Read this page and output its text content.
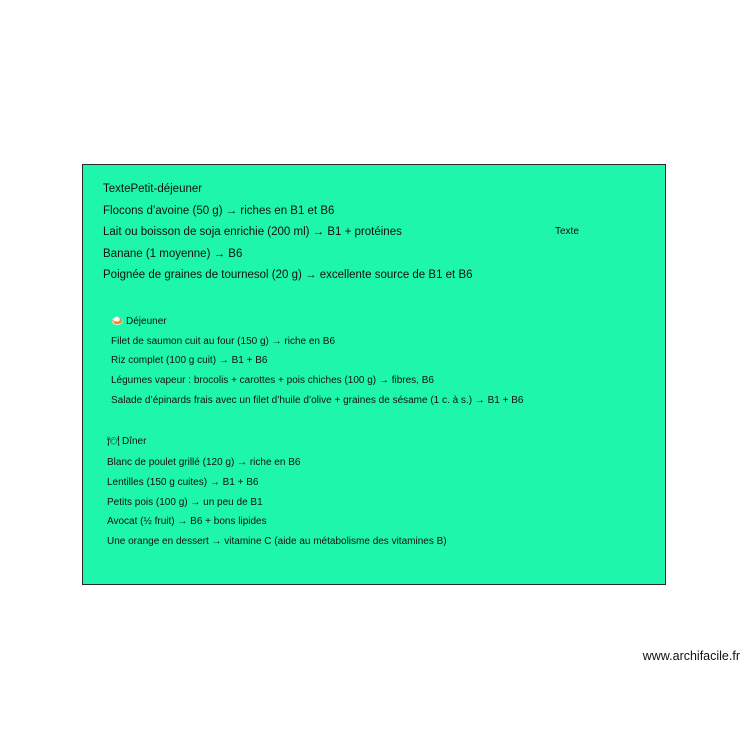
TextePetit-déjeuner
Flocons d’avoine (50 g) → riches en B1 et B6
Lait ou boisson de soja enrichie (200 ml) → B1 + protéines
Banane (1 moyenne) → B6
Poignée de graines de tournesol (20 g) → excellente source de B1 et B6
Texte
🍛 Déjeuner
Filet de saumon cuit au four (150 g) → riche en B6
Riz complet (100 g cuit) → B1 + B6
Légumes vapeur : brocolis + carottes + pois chiches (100 g) → fibres, B6
Salade d’épinards frais avec un filet d’huile d’olive + graines de sésame (1 c. à s.) → B1 + B6
🍽 Dîner
Blanc de poulet grillé (120 g) → riche en B6
Lentilles (150 g cuites) → B1 + B6
Petits pois (100 g) → un peu de B1
Avocat (½ fruit) → B6 + bons lipides
Une orange en dessert → vitamine C (aide au métabolisme des vitamines B)
www.archifacile.fr
